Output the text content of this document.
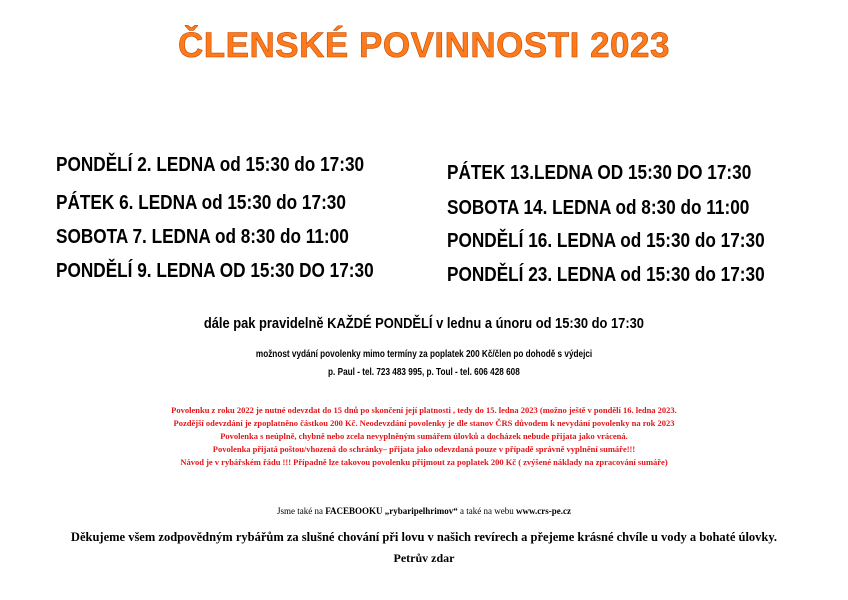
ČLENSKÉ POVINNOSTI 2023
PONDĚLÍ 2. LEDNA od 15:30 do 17:30
PÁTEK 6. LEDNA od 15:30 do 17:30
SOBOTA 7. LEDNA od 8:30 do 11:00
PONDĚLÍ 9. LEDNA OD 15:30 DO 17:30
PÁTEK 13.LEDNA OD 15:30 DO 17:30
SOBOTA 14. LEDNA od 8:30 do 11:00
PONDĚLÍ 16. LEDNA od 15:30 do 17:30
PONDĚLÍ 23. LEDNA od 15:30 do 17:30
dále pak pravidelně KAŽDÉ PONDĚLÍ v lednu a únoru od 15:30 do 17:30
možnost vydání povolenky mimo termíny za poplatek 200 Kč/člen po dohodě s výdejci
p. Paul - tel. 723 483 995, p. Toul - tel. 606 428 608
Povolenku z roku 2022 je nutné odevzdat do 15 dnů po skončení její platnosti , tedy do 15. ledna 2023 (možno ještě v pondělí 16. ledna 2023.
Pozdější odevzdání je zpoplatněno částkou 200 Kč. Neodevzdání povolenky je dle stanov ČRS důvodem k nevydání povolenky na rok 2023
Povolenka s neúplně, chybně nebo zcela nevyplněným sumářem úlovků a docházek nebude přijata jako vrácená.
Povolenka přijatá poštou/vhozená do schránky– přijata jako odevzdaná pouze v případě správně vyplnění sumáře!!!
Návod je v rybářském řádu !!! Případně lze takovou povolenku přijmout za poplatek 200 Kč ( zvýšené náklady na zpracování sumáře)
Jsme také na FACEBOOKU „rybaripelhrimov“ a také na webu www.crs-pe.cz
Děkujeme všem zodpovědným rybářům za slušné chování při lovu v našich revírech a přejeme krásné chvíle u vody a bohaté úlovky.
Petrův zdar
